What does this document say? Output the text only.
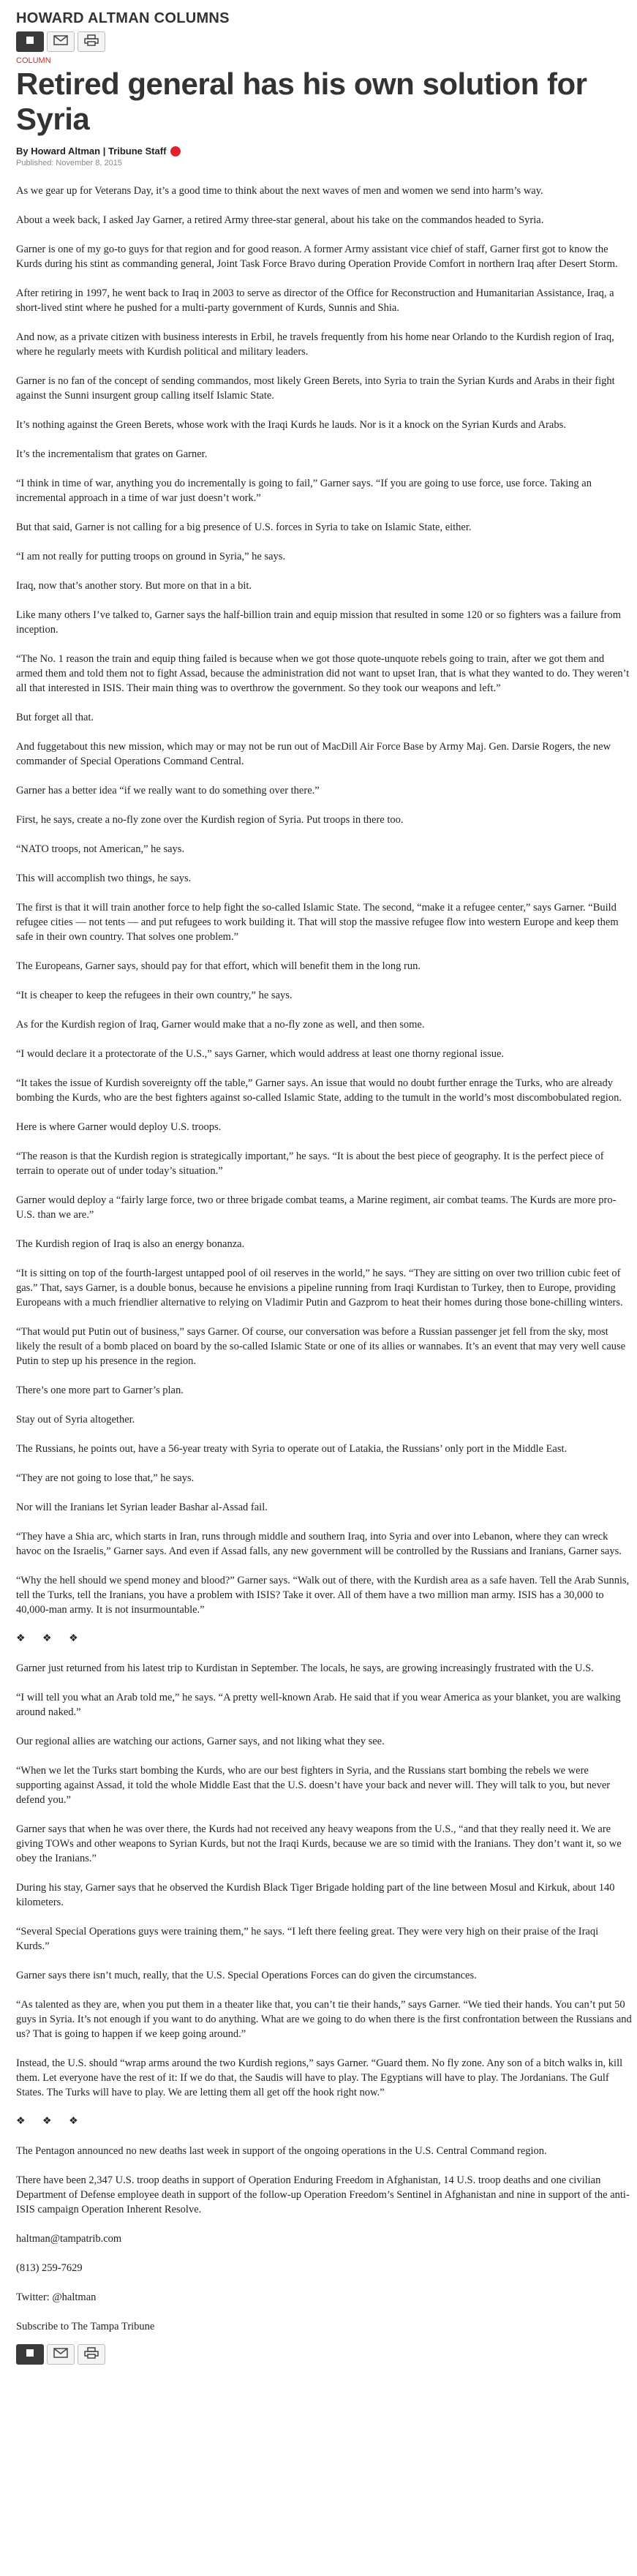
HOWARD ALTMAN COLUMNS
COLUMN
Retired general has his own solution for Syria
By Howard Altman | Tribune Staff
Published: November 8, 2015

As we gear up for Veterans Day, it’s a good time to think about the next waves of men and women we send into harm’s way.

About a week back, I asked Jay Garner, a retired Army three-star general, about his take on the commandos headed to Syria.

Garner is one of my go-to guys for that region and for good reason. A former Army assistant vice chief of staff, Garner first got to know the Kurds during his stint as commanding general, Joint Task Force Bravo during Operation Provide Comfort in northern Iraq after Desert Storm.

After retiring in 1997, he went back to Iraq in 2003 to serve as director of the Office for Reconstruction and Humanitarian Assistance, Iraq, a short-lived stint where he pushed for a multi-party government of Kurds, Sunnis and Shia.

And now, as a private citizen with business interests in Erbil, he travels frequently from his home near Orlando to the Kurdish region of Iraq, where he regularly meets with Kurdish political and military leaders.

Garner is no fan of the concept of sending commandos, most likely Green Berets, into Syria to train the Syrian Kurds and Arabs in their fight against the Sunni insurgent group calling itself Islamic State.

It’s nothing against the Green Berets, whose work with the Iraqi Kurds he lauds. Nor is it a knock on the Syrian Kurds and Arabs.

It’s the incrementalism that grates on Garner.

“I think in time of war, anything you do incrementally is going to fail,” Garner says. “If you are going to use force, use force. Taking an incremental approach in a time of war just doesn’t work.”

But that said, Garner is not calling for a big presence of U.S. forces in Syria to take on Islamic State, either.

“I am not really for putting troops on ground in Syria,” he says.

Iraq, now that’s another story. But more on that in a bit.

Like many others I’ve talked to, Garner says the half-billion train and equip mission that resulted in some 120 or so fighters was a failure from inception.

“The No. 1 reason the train and equip thing failed is because when we got those quote-unquote rebels going to train, after we got them and armed them and told them not to fight Assad, because the administration did not want to upset Iran, that is what they wanted to do. They weren’t all that interested in ISIS. Their main thing was to overthrow the government. So they took our weapons and left.”

But forget all that.

And fuggetabout this new mission, which may or may not be run out of MacDill Air Force Base by Army Maj. Gen. Darsie Rogers, the new commander of Special Operations Command Central.

Garner has a better idea “if we really want to do something over there.”

First, he says, create a no-fly zone over the Kurdish region of Syria. Put troops in there too.

“NATO troops, not American,” he says.

This will accomplish two things, he says.

The first is that it will train another force to help fight the so-called Islamic State. The second, “make it a refugee center,” says Garner. “Build refugee cities — not tents — and put refugees to work building it. That will stop the massive refugee flow into western Europe and keep them safe in their own country. That solves one problem.”

The Europeans, Garner says, should pay for that effort, which will benefit them in the long run.

“It is cheaper to keep the refugees in their own country,” he says.

As for the Kurdish region of Iraq, Garner would make that a no-fly zone as well, and then some.

“I would declare it a protectorate of the U.S.,” says Garner, which would address at least one thorny regional issue.

“It takes the issue of Kurdish sovereignty off the table,” Garner says. An issue that would no doubt further enrage the Turks, who are already bombing the Kurds, who are the best fighters against so-called Islamic State, adding to the tumult in the world’s most discombobulated region.

Here is where Garner would deploy U.S. troops.

“The reason is that the Kurdish region is strategically important,” he says. “It is about the best piece of geography. It is the perfect piece of terrain to operate out of under today’s situation.”

Garner would deploy a “fairly large force, two or three brigade combat teams, a Marine regiment, air combat teams. The Kurds are more pro-U.S. than we are.”

The Kurdish region of Iraq is also an energy bonanza.

“It is sitting on top of the fourth-largest untapped pool of oil reserves in the world,” he says. “They are sitting on over two trillion cubic feet of gas.” That, says Garner, is a double bonus, because he envisions a pipeline running from Iraqi Kurdistan to Turkey, then to Europe, providing Europeans with a much friendlier alternative to relying on Vladimir Putin and Gazprom to heat their homes during those bone-chilling winters.

“That would put Putin out of business,” says Garner. Of course, our conversation was before a Russian passenger jet fell from the sky, most likely the result of a bomb placed on board by the so-called Islamic State or one of its allies or wannabes. It’s an event that may very well cause Putin to step up his presence in the region.

There’s one more part to Garner’s plan.

Stay out of Syria altogether.

The Russians, he points out, have a 56-year treaty with Syria to operate out of Latakia, the Russians’ only port in the Middle East.

“They are not going to lose that,” he says.

Nor will the Iranians let Syrian leader Bashar al-Assad fail.

“They have a Shia arc, which starts in Iran, runs through middle and southern Iraq, into Syria and over into Lebanon, where they can wreck havoc on the Israelis,” Garner says. And even if Assad falls, any new government will be controlled by the Russians and Iranians, Garner says.

“Why the hell should we spend money and blood?” Garner says. “Walk out of there, with the Kurdish area as a safe haven. Tell the Arab Sunnis, tell the Turks, tell the Iranians, you have a problem with ISIS? Take it over. All of them have a two million man army. ISIS has a 30,000 to 40,000-man army. It is not insurmountable.”

❖ ❖ ❖

Garner just returned from his latest trip to Kurdistan in September. The locals, he says, are growing increasingly frustrated with the U.S.

“I will tell you what an Arab told me,” he says. “A pretty well-known Arab. He said that if you wear America as your blanket, you are walking around naked.”

Our regional allies are watching our actions, Garner says, and not liking what they see.

“When we let the Turks start bombing the Kurds, who are our best fighters in Syria, and the Russians start bombing the rebels we were supporting against Assad, it told the whole Middle East that the U.S. doesn’t have your back and never will. They will talk to you, but never defend you.”

Garner says that when he was over there, the Kurds had not received any heavy weapons from the U.S., “and that they really need it. We are giving TOWs and other weapons to Syrian Kurds, but not the Iraqi Kurds, because we are so timid with the Iranians. They don’t want it, so we obey the Iranians.”

During his stay, Garner says that he observed the Kurdish Black Tiger Brigade holding part of the line between Mosul and Kirkuk, about 140 kilometers.

“Several Special Operations guys were training them,” he says. “I left there feeling great. They were very high on their praise of the Iraqi Kurds.”

Garner says there isn’t much, really, that the U.S. Special Operations Forces can do given the circumstances.

“As talented as they are, when you put them in a theater like that, you can’t tie their hands,” says Garner. “We tied their hands. You can’t put 50 guys in Syria. It’s not enough if you want to do anything. What are we going to do when there is the first confrontation between the Russians and us? That is going to happen if we keep going around.”

Instead, the U.S. should “wrap arms around the two Kurdish regions,” says Garner. “Guard them. No fly zone. Any son of a bitch walks in, kill them. Let everyone have the rest of it: If we do that, the Saudis will have to play. The Egyptians will have to play. The Jordanians. The Gulf States. The Turks will have to play. We are letting them all get off the hook right now.”

❖ ❖ ❖

The Pentagon announced no new deaths last week in support of the ongoing operations in the U.S. Central Command region.

There have been 2,347 U.S. troop deaths in support of Operation Enduring Freedom in Afghanistan, 14 U.S. troop deaths and one civilian Department of Defense employee death in support of the follow-up Operation Freedom’s Sentinel in Afghanistan and nine in support of the anti-ISIS campaign Operation Inherent Resolve.

haltman@tampatrib.com

(813) 259-7629

Twitter: @haltman

Subscribe to The Tampa Tribune
